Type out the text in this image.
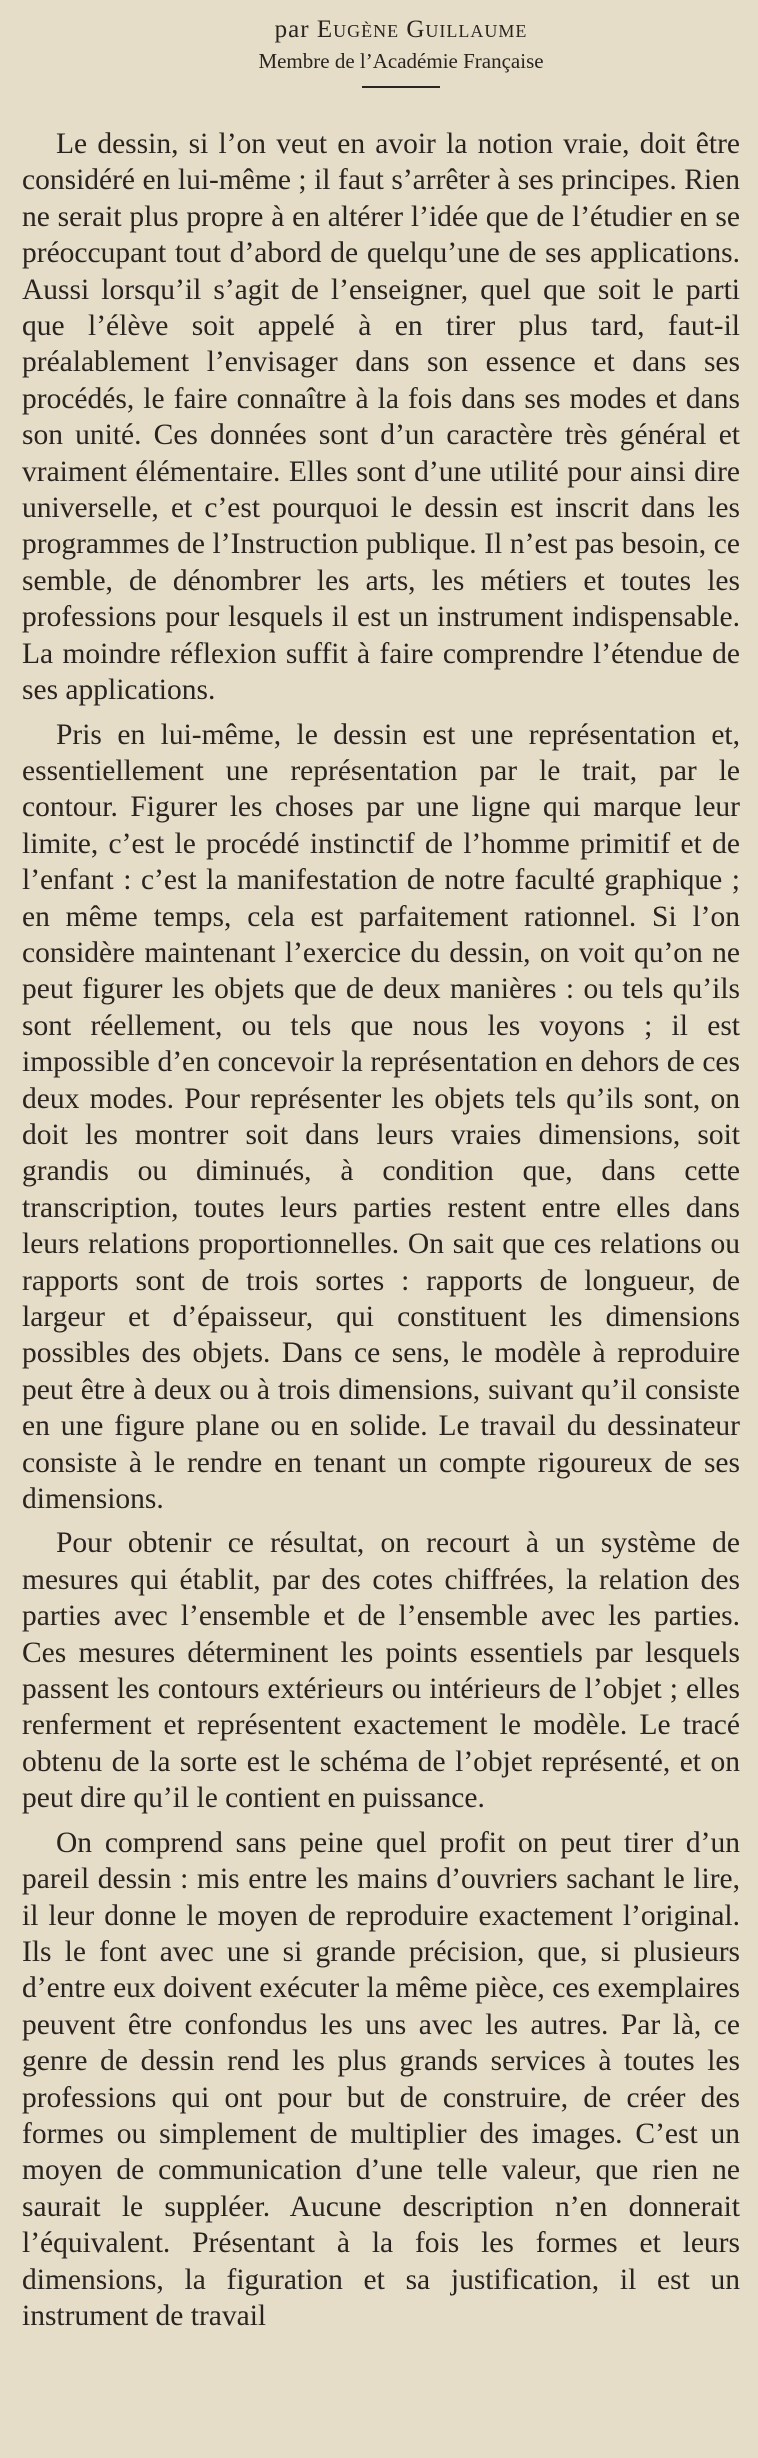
par Eugène Guillaume

Membre de l’Académie Française

Le dessin, si l’on veut en avoir la notion vraie, doit être considéré en lui-même ; il faut s’arrêter à ses principes. Rien ne serait plus propre à en altérer l’idée que de l’étudier en se préoccupant tout d’abord de quelqu’une de ses applications. Aussi lorsqu’il s’agit de l’enseigner, quel que soit le parti que l’élève soit appelé à en tirer plus tard, faut-il préalablement l’envisager dans son essence et dans ses procédés, le faire connaître à la fois dans ses modes et dans son unité. Ces données sont d’un caractère très général et vraiment élémentaire. Elles sont d’une utilité pour ainsi dire universelle, et c’est pourquoi le dessin est inscrit dans les programmes de l’Instruction publique. Il n’est pas besoin, ce semble, de dénombrer les arts, les métiers et toutes les professions pour lesquels il est un instrument indispensable. La moindre réflexion suffit à faire comprendre l’étendue de ses applications.

Pris en lui-même, le dessin est une représentation et, essentiellement une représentation par le trait, par le contour. Figurer les choses par une ligne qui marque leur limite, c’est le procédé instinctif de l’homme primitif et de l’enfant : c’est la manifestation de notre faculté graphique ; en même temps, cela est parfaitement rationnel. Si l’on considère maintenant l’exercice du dessin, on voit qu’on ne peut figurer les objets que de deux manières : ou tels qu’ils sont réellement, ou tels que nous les voyons ; il est impossible d’en concevoir la représentation en dehors de ces deux modes. Pour représenter les objets tels qu’ils sont, on doit les montrer soit dans leurs vraies dimensions, soit grandis ou diminués, à condition que, dans cette transcription, toutes leurs parties restent entre elles dans leurs relations proportionnelles. On sait que ces relations ou rapports sont de trois sortes : rapports de longueur, de largeur et d’épaisseur, qui constituent les dimensions possibles des objets. Dans ce sens, le modèle à reproduire peut être à deux ou à trois dimensions, suivant qu’il consiste en une figure plane ou en solide. Le travail du dessinateur consiste à le rendre en tenant un compte rigoureux de ses dimensions.

Pour obtenir ce résultat, on recourt à un système de mesures qui établit, par des cotes chiffrées, la relation des parties avec l’ensemble et de l’ensemble avec les parties. Ces mesures déterminent les points essentiels par lesquels passent les contours extérieurs ou intérieurs de l’objet ; elles renferment et représentent exactement le modèle. Le tracé obtenu de la sorte est le schéma de l’objet représenté, et on peut dire qu’il le contient en puissance.

On comprend sans peine quel profit on peut tirer d’un pareil dessin : mis entre les mains d’ouvriers sachant le lire, il leur donne le moyen de reproduire exactement l’original. Ils le font avec une si grande précision, que, si plusieurs d’entre eux doivent exécuter la même pièce, ces exemplaires peuvent être confondus les uns avec les autres. Par là, ce genre de dessin rend les plus grands services à toutes les professions qui ont pour but de construire, de créer des formes ou simplement de multiplier des images. C’est un moyen de communication d’une telle valeur, que rien ne saurait le suppléer. Aucune description n’en donnerait l’équivalent. Présentant à la fois les formes et leurs dimensions, la figuration et sa justification, il est un instrument de travail
